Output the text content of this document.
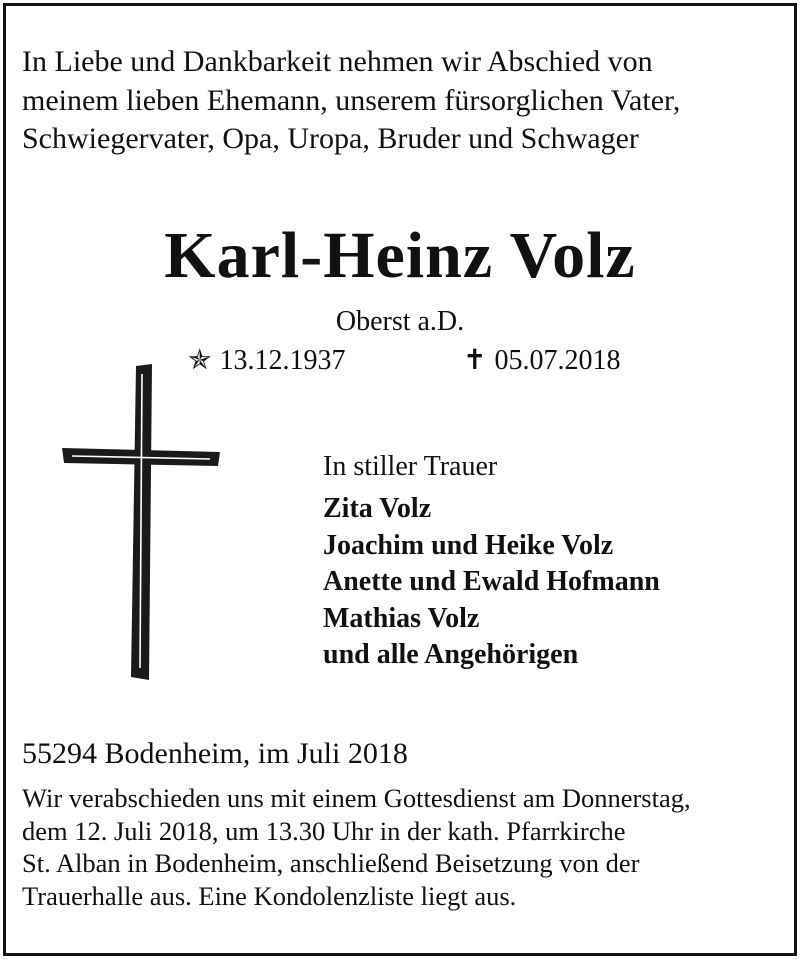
In Liebe und Dankbarkeit nehmen wir Abschied von
meinem lieben Ehemann, unserem fürsorglichen Vater,
Schwiegervater, Opa, Uropa, Bruder und Schwager

Karl-Heinz Volz
Oberst a.D.
✯ 13.12.1937	✝ 05.07.2018
In stiller Trauer
Zita Volz
Joachim und Heike Volz
Anette und Ewald Hofmann
Mathias Volz
und alle Angehörigen
55294 Bodenheim, im Juli 2018

Wir verabschieden uns mit einem Gottesdienst am Donnerstag,
dem 12. Juli 2018, um 13.30 Uhr in der kath. Pfarrkirche
St. Alban in Bodenheim, anschließend Beisetzung von der
Trauerhalle aus. Eine Kondolenzliste liegt aus.
